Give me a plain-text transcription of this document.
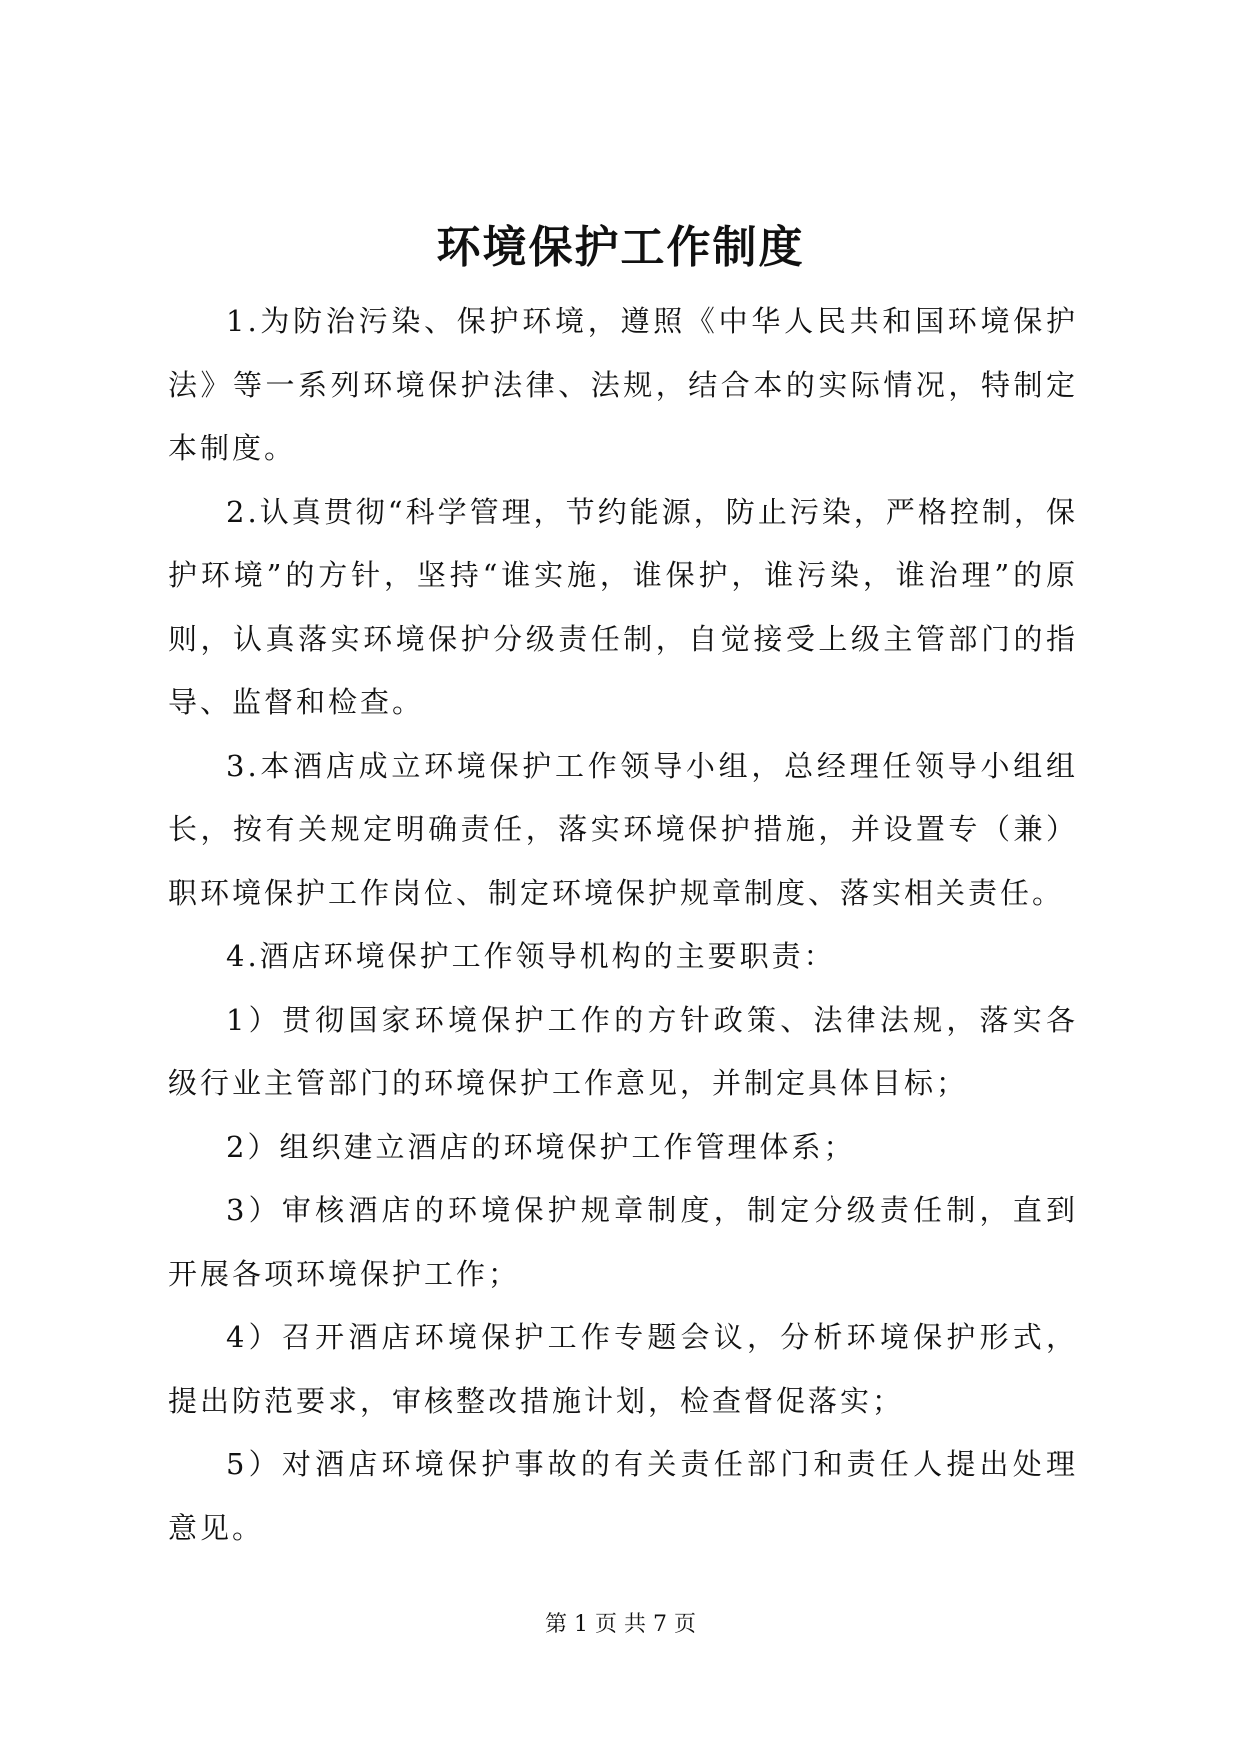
环境保护工作制度

1.为防治污染、保护环境，遵照《中华人民共和国环境保护法》等一系列环境保护法律、法规，结合本的实际情况，特制定本制度。

2.认真贯彻“科学管理，节约能源，防止污染，严格控制，保护环境”的方针，坚持“谁实施，谁保护，谁污染，谁治理”的原则，认真落实环境保护分级责任制，自觉接受上级主管部门的指导、监督和检查。

3.本酒店成立环境保护工作领导小组，总经理任领导小组组长，按有关规定明确责任，落实环境保护措施，并设置专（兼）职环境保护工作岗位、制定环境保护规章制度、落实相关责任。

4.酒店环境保护工作领导机构的主要职责：

1）贯彻国家环境保护工作的方针政策、法律法规，落实各级行业主管部门的环境保护工作意见，并制定具体目标；

2）组织建立酒店的环境保护工作管理体系；

3）审核酒店的环境保护规章制度，制定分级责任制，直到开展各项环境保护工作；

4）召开酒店环境保护工作专题会议，分析环境保护形式，提出防范要求，审核整改措施计划，检查督促落实；

5）对酒店环境保护事故的有关责任部门和责任人提出处理意见。

第 1 页 共 7 页
